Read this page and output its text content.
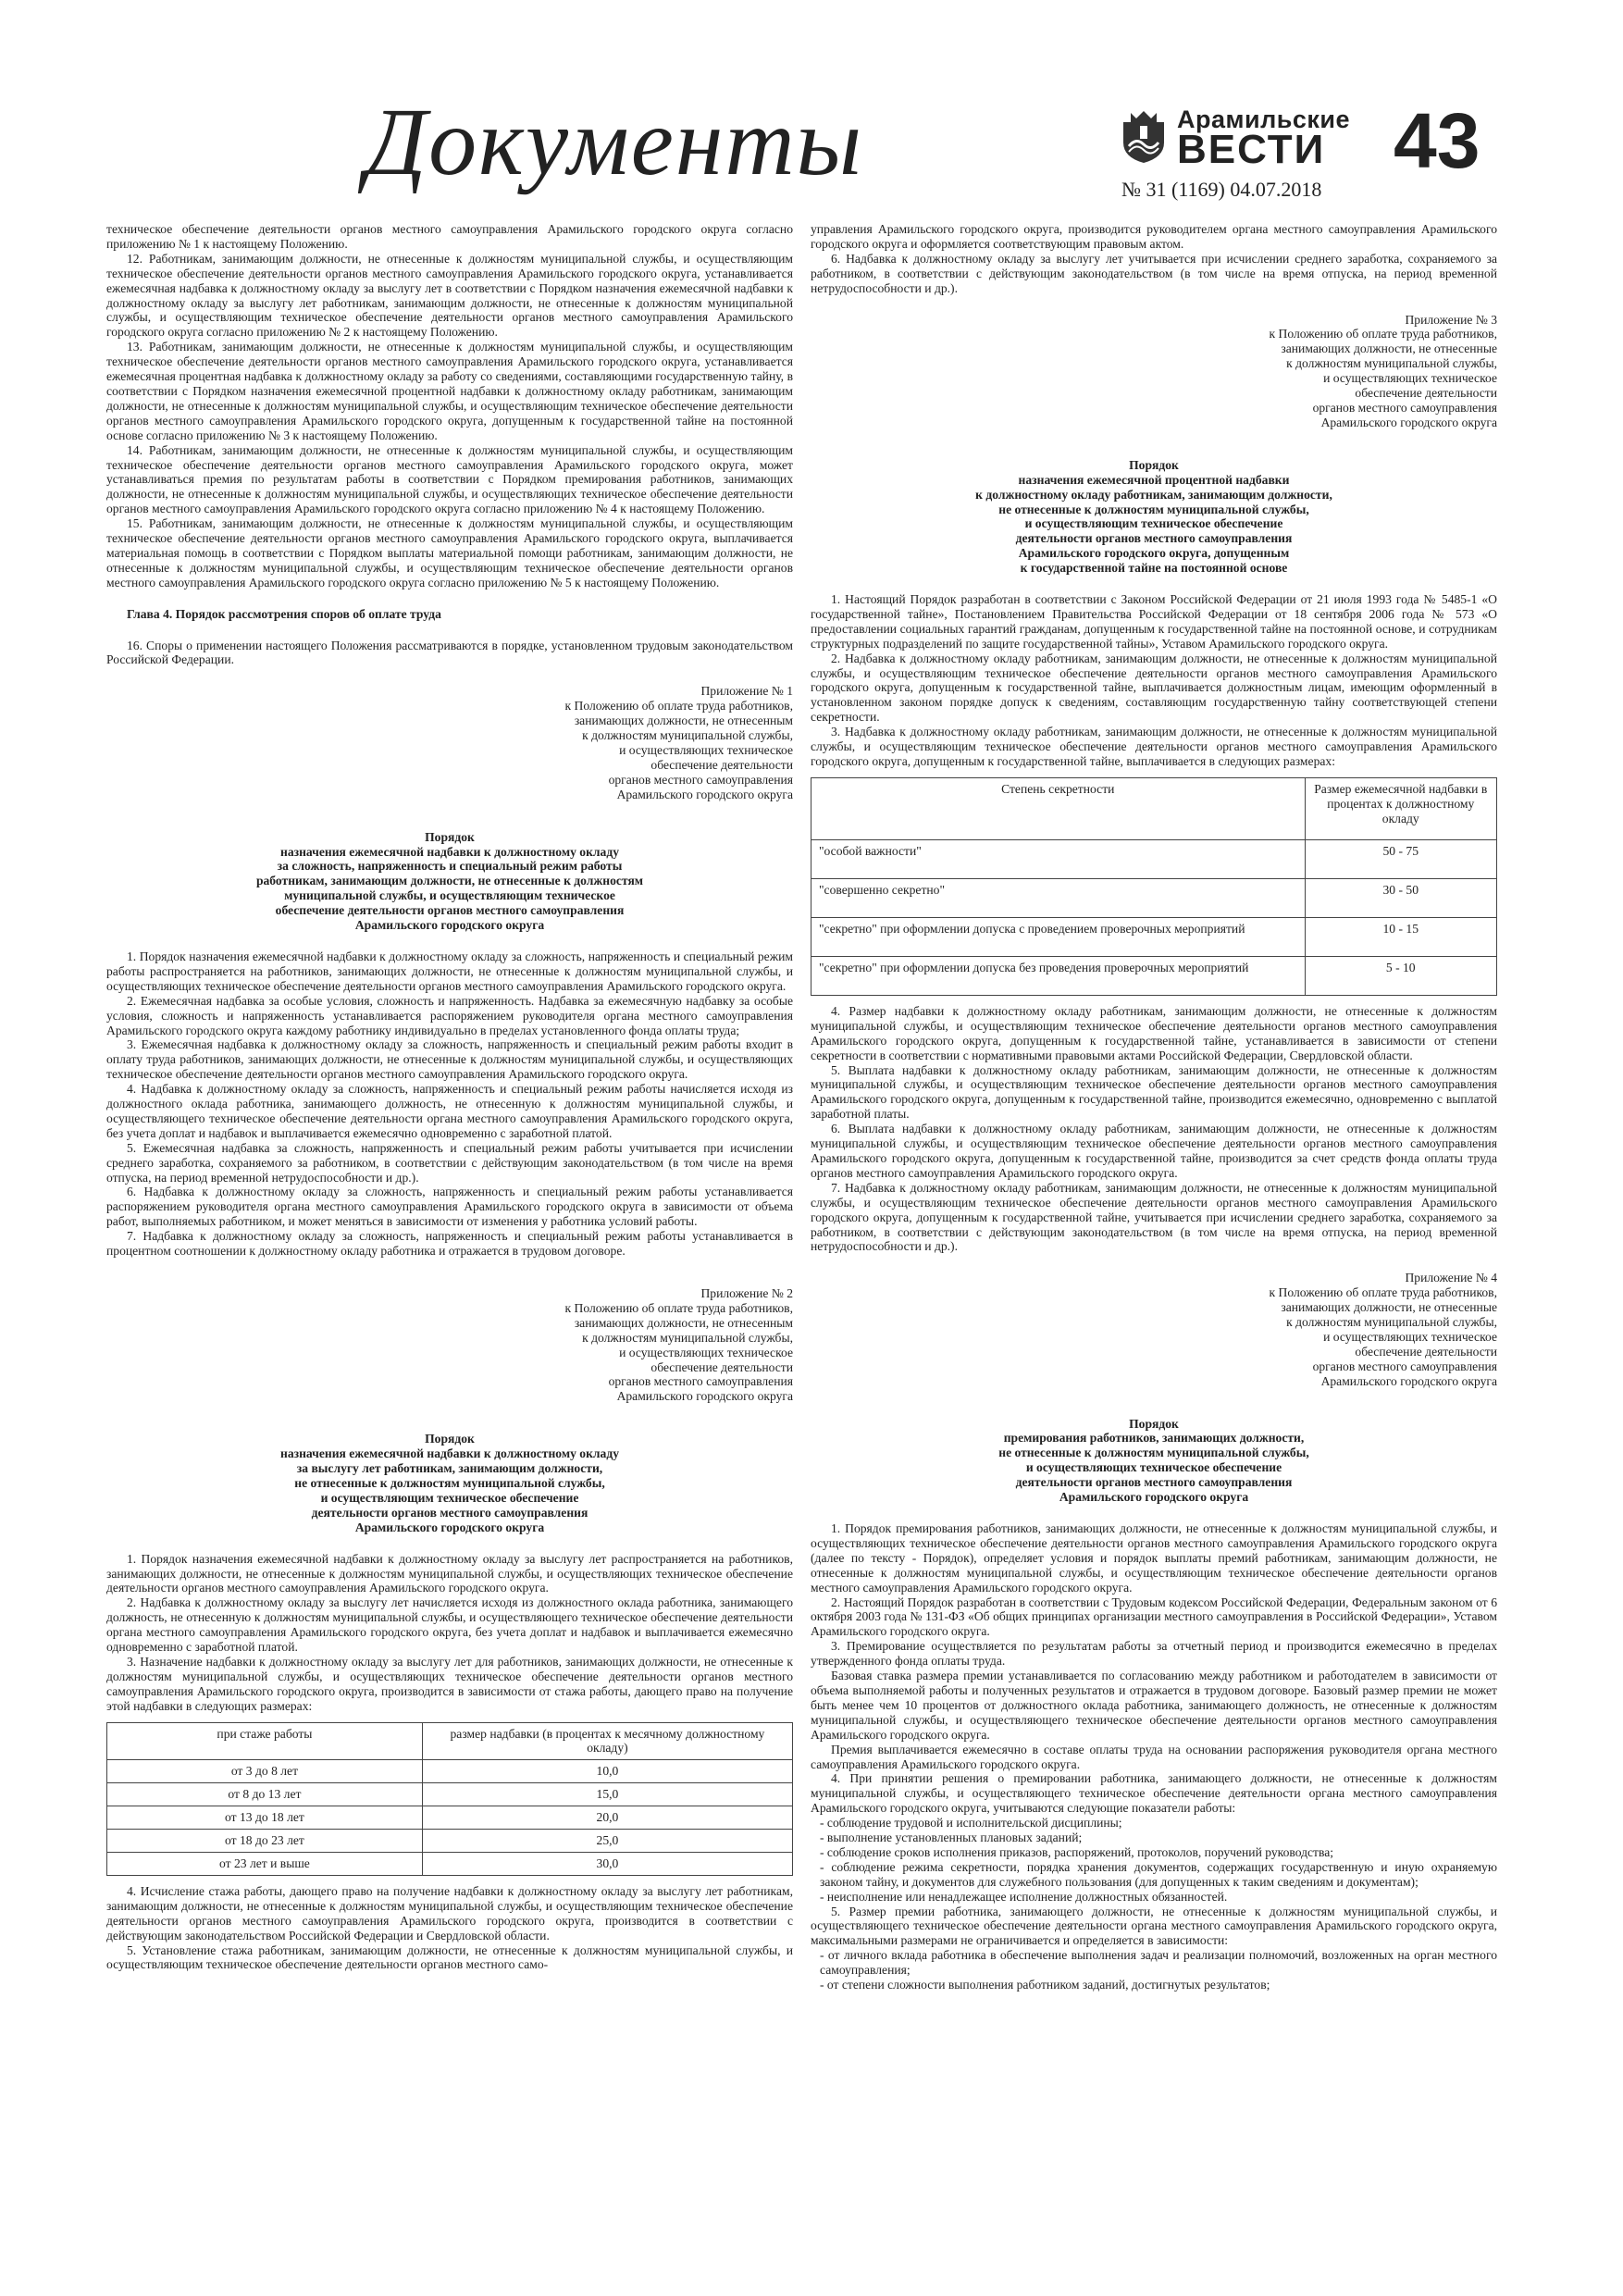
Документы	Арамильские
ВЕСТИ
№ 31 (1169) 04.07.2018
43

техническое обеспечение деятельности органов местного самоуправления Арамильского городского округа согласно приложению № 1 к настоящему Положению.

12. Работникам, занимающим должности, не отнесенные к должностям муниципальной службы, и осуществляющим техническое обеспечение деятельности органов местного самоуправления Арамильского городского округа, устанавливается ежемесячная надбавка к должностному окладу за выслугу лет в соответствии с Порядком назначения ежемесячной надбавки к должностному окладу за выслугу лет работникам, занимающим должности, не отнесенные к должностям муниципальной службы, и осуществляющим техническое обеспечение деятельности органов местного самоуправления Арамильского городского округа согласно приложению № 2 к настоящему Положению.

13. Работникам, занимающим должности, не отнесенные к должностям муниципальной службы, и осуществляющим техническое обеспечение деятельности органов местного самоуправления Арамильского городского округа, устанавливается ежемесячная процентная надбавка к должностному окладу за работу со сведениями, составляющими государственную тайну, в соответствии с Порядком назначения ежемесячной процентной надбавки к должностному окладу работникам, занимающим должности, не отнесенные к должностям муниципальной службы, и осуществляющим техническое обеспечение деятельности органов местного самоуправления Арамильского городского округа, допущенным к государственной тайне на постоянной основе согласно приложению № 3 к настоящему Положению.

14. Работникам, занимающим должности, не отнесенные к должностям муниципальной службы, и осуществляющим техническое обеспечение деятельности органов местного самоуправления Арамильского городского округа, может устанавливаться премия по результатам работы в соответствии с Порядком премирования работников, занимающих должности, не отнесенные к должностям муниципальной службы, и осуществляющих техническое обеспечение деятельности органов местного самоуправления Арамильского городского округа согласно приложению № 4 к настоящему Положению.

15. Работникам, занимающим должности, не отнесенные к должностям муниципальной службы, и осуществляющим техническое обеспечение деятельности органов местного самоуправления Арамильского городского округа, выплачивается материальная помощь в соответствии с Порядком выплаты материальной помощи работникам, занимающим должности, не отнесенные к должностям муниципальной службы, и осуществляющим техническое обеспечение деятельности органов местного самоуправления Арамильского городского округа согласно приложению № 5 к настоящему Положению.

Глава 4. Порядок рассмотрения споров об оплате труда

16. Споры о применении настоящего Положения рассматриваются в порядке, установленном трудовым законодательством Российской Федерации.

Приложение № 1
к Положению об оплате труда работников,
занимающих должности, не отнесенным
к должностям муниципальной службы,
и осуществляющих техническое
обеспечение деятельности
органов местного самоуправления
Арамильского городского округа
Порядок
назначения ежемесячной надбавки к должностному окладу
за сложность, напряженность и специальный режим работы
работникам, занимающим должности, не отнесенные к должностям
муниципальной службы, и осуществляющим техническое
обеспечение деятельности органов местного самоуправления
Арамильского городского округа

1. Порядок назначения ежемесячной надбавки к должностному окладу за сложность, напряженность и специальный режим работы распространяется на работников, занимающих должности, не отнесенные к должностям муниципальной службы, и осуществляющих техническое обеспечение деятельности органов местного самоуправления Арамильского городского округа.

2. Ежемесячная надбавка за особые условия, сложность и напряженность. Надбавка за ежемесячную надбавку за особые условия, сложность и напряженность устанавливается распоряжением руководителя органа местного самоуправления Арамильского городского округа каждому работнику индивидуально в пределах установленного фонда оплаты труда;

3. Ежемесячная надбавка к должностному окладу за сложность, напряженность и специальный режим работы входит в оплату труда работников, занимающих должности, не отнесенные к должностям муниципальной службы, и осуществляющих техническое обеспечение деятельности органов местного самоуправления Арамильского городского округа.

4. Надбавка к должностному окладу за сложность, напряженность и специальный режим работы начисляется исходя из должностного оклада работника, занимающего должность, не отнесенную к должностям муниципальной службы, и осуществляющего техническое обеспечение деятельности органа местного самоуправления Арамильского городского округа, без учета доплат и надбавок и выплачивается ежемесячно одновременно с заработной платой.

5. Ежемесячная надбавка за сложность, напряженность и специальный режим работы учитывается при исчислении среднего заработка, сохраняемого за работником, в соответствии с действующим законодательством (в том числе на время отпуска, на период временной нетрудоспособности и др.).

6. Надбавка к должностному окладу за сложность, напряженность и специальный режим работы устанавливается распоряжением руководителя органа местного самоуправления Арамильского городского округа в зависимости от объема работ, выполняемых работником, и может меняться в зависимости от изменения у работника условий работы.

7. Надбавка к должностному окладу за сложность, напряженность и специальный режим работы устанавливается в процентном соотношении к должностному окладу работника и отражается в трудовом договоре.

Приложение № 2
к Положению об оплате труда работников,
занимающих должности, не отнесенным
к должностям муниципальной службы,
и осуществляющих техническое
обеспечение деятельности
органов местного самоуправления
Арамильского городского округа
Порядок
назначения ежемесячной надбавки к должностному окладу
за выслугу лет работникам, занимающим должности,
не отнесенные к должностям муниципальной службы,
и осуществляющим техническое обеспечение
деятельности органов местного самоуправления
Арамильского городского округа

1. Порядок назначения ежемесячной надбавки к должностному окладу за выслугу лет распространяется на работников, занимающих должности, не отнесенные к должностям муниципальной службы, и осуществляющих техническое обеспечение деятельности органов местного самоуправления Арамильского городского округа.

2. Надбавка к должностному окладу за выслугу лет начисляется исходя из должностного оклада работника, занимающего должность, не отнесенную к должностям муниципальной службы, и осуществляющего техническое обеспечение деятельности органа местного самоуправления Арамильского городского округа, без учета доплат и надбавок и выплачивается ежемесячно одновременно с заработной платой.

3. Назначение надбавки к должностному окладу за выслугу лет для работников, занимающих должности, не отнесенные к должностям муниципальной службы, и осуществляющих техническое обеспечение деятельности органов местного самоуправления Арамильского городского округа, производится в зависимости от стажа работы, дающего право на получение этой надбавки в следующих размерах:

при стаже работы	размер надбавки (в процентах к месячному должностному окладу)
от 3 до 8 лет	10,0
от 8 до 13 лет	15,0
от 13 до 18 лет	20,0
от 18 до 23 лет	25,0
от 23 лет и выше	30,0

4. Исчисление стажа работы, дающего право на получение надбавки к должностному окладу за выслугу лет работникам, занимающим должности, не отнесенные к должностям муниципальной службы, и осуществляющим техническое обеспечение деятельности органов местного самоуправления Арамильского городского округа, производится в соответствии с действующим законодательством Российской Федерации и Свердловской области.

5. Установление стажа работникам, занимающим должности, не отнесенные к должностям муниципальной службы, и осуществляющим техническое обеспечение деятельности органов местного само-

управления Арамильского городского округа, производится руководителем органа местного самоуправления Арамильского городского округа и оформляется соответствующим правовым актом.

6. Надбавка к должностному окладу за выслугу лет учитывается при исчислении среднего заработка, сохраняемого за работником, в соответствии с действующим законодательством (в том числе на время отпуска, на период временной нетрудоспособности и др.).

Приложение № 3
к Положению об оплате труда работников,
занимающих должности, не отнесенные
к должностям муниципальной службы,
и осуществляющих техническое
обеспечение деятельности
органов местного самоуправления
Арамильского городского округа
Порядок
назначения ежемесячной процентной надбавки
к должностному окладу работникам, занимающим должности,
не отнесенные к должностям муниципальной службы,
и осуществляющим техническое обеспечение
деятельности органов местного самоуправления
Арамильского городского округа, допущенным
к государственной тайне на постоянной основе

1. Настоящий Порядок разработан в соответствии с Законом Российской Федерации от 21 июля 1993 года № 5485-1 «О государственной тайне», Постановлением Правительства Российской Федерации от 18 сентября 2006 года № 573 «О предоставлении социальных гарантий гражданам, допущенным к государственной тайне на постоянной основе, и сотрудникам структурных подразделений по защите государственной тайны», Уставом Арамильского городского округа.

2. Надбавка к должностному окладу работникам, занимающим должности, не отнесенные к должностям муниципальной службы, и осуществляющим техническое обеспечение деятельности органов местного самоуправления Арамильского городского округа, допущенным к государственной тайне, выплачивается должностным лицам, имеющим оформленный в установленном законом порядке допуск к сведениям, составляющим государственную тайну соответствующей степени секретности.

3. Надбавка к должностному окладу работникам, занимающим должности, не отнесенные к должностям муниципальной службы, и осуществляющим техническое обеспечение деятельности органов местного самоуправления Арамильского городского округа, допущенным к государственной тайне, выплачивается в следующих размерах:

Степень секретности	Размер ежемесячной надбавки в процентах к должностному окладу
"особой важности"	50 - 75
"совершенно секретно"	30 - 50
"секретно" при оформлении допуска с проведением проверочных мероприятий	10 - 15
"секретно" при оформлении допуска без проведения проверочных мероприятий	5 - 10

4. Размер надбавки к должностному окладу работникам, занимающим должности, не отнесенные к должностям муниципальной службы, и осуществляющим техническое обеспечение деятельности органов местного самоуправления Арамильского городского округа, допущенным к государственной тайне, устанавливается в зависимости от степени секретности в соответствии с нормативными правовыми актами Российской Федерации, Свердловской области.

5. Выплата надбавки к должностному окладу работникам, занимающим должности, не отнесенные к должностям муниципальной службы, и осуществляющим техническое обеспечение деятельности органов местного самоуправления Арамильского городского округа, допущенным к государственной тайне, производится ежемесячно, одновременно с выплатой заработной платы.

6. Выплата надбавки к должностному окладу работникам, занимающим должности, не отнесенные к должностям муниципальной службы, и осуществляющим техническое обеспечение деятельности органов местного самоуправления Арамильского городского округа, допущенным к государственной тайне, производится за счет средств фонда оплаты труда органов местного самоуправления Арамильского городского округа.

7. Надбавка к должностному окладу работникам, занимающим должности, не отнесенные к должностям муниципальной службы, и осуществляющим техническое обеспечение деятельности органов местного самоуправления Арамильского городского округа, допущенным к государственной тайне, учитывается при исчислении среднего заработка, сохраняемого за работником, в соответствии с действующим законодательством (в том числе на время отпуска, на период временной нетрудоспособности и др.).

Приложение № 4
к Положению об оплате труда работников,
занимающих должности, не отнесенные
к должностям муниципальной службы,
и осуществляющих техническое
обеспечение деятельности
органов местного самоуправления
Арамильского городского округа
Порядок
премирования работников, занимающих должности,
не отнесенные к должностям муниципальной службы,
и осуществляющих техническое обеспечение
деятельности органов местного самоуправления
Арамильского городского округа

1. Порядок премирования работников, занимающих должности, не отнесенные к должностям муниципальной службы, и осуществляющих техническое обеспечение деятельности органов местного самоуправления Арамильского городского округа (далее по тексту - Порядок), определяет условия и порядок выплаты премий работникам, занимающим должности, не отнесенные к должностям муниципальной службы, и осуществляющим техническое обеспечение деятельности органов местного самоуправления Арамильского городского округа.

2. Настоящий Порядок разработан в соответствии с Трудовым кодексом Российской Федерации, Федеральным законом от 6 октября 2003 года № 131-ФЗ «Об общих принципах организации местного самоуправления в Российской Федерации», Уставом Арамильского городского округа.

3. Премирование осуществляется по результатам работы за отчетный период и производится ежемесячно в пределах утвержденного фонда оплаты труда.

Базовая ставка размера премии устанавливается по согласованию между работником и работодателем в зависимости от объема выполняемой работы и полученных результатов и отражается в трудовом договоре. Базовый размер премии не может быть менее чем 10 процентов от должностного оклада работника, занимающего должность, не отнесенные к должностям муниципальной службы, и осуществляющего техническое обеспечение деятельности органов местного самоуправления Арамильского городского округа.

Премия выплачивается ежемесячно в составе оплаты труда на основании распоряжения руководителя органа местного самоуправления Арамильского городского округа.

4. При принятии решения о премировании работника, занимающего должности, не отнесенные к должностям муниципальной службы, и осуществляющего техническое обеспечение деятельности органа местного самоуправления Арамильского городского округа, учитываются следующие показатели работы:

- соблюдение трудовой и исполнительской дисциплины;

- выполнение установленных плановых заданий;

- соблюдение сроков исполнения приказов, распоряжений, протоколов, поручений руководства;

- соблюдение режима секретности, порядка хранения документов, содержащих государственную и иную охраняемую законом тайну, и документов для служебного пользования (для допущенных к таким сведениям и документам);

- неисполнение или ненадлежащее исполнение должностных обязанностей.

5. Размер премии работника, занимающего должности, не отнесенные к должностям муниципальной службы, и осуществляющего техническое обеспечение деятельности органа местного самоуправления Арамильского городского округа, максимальными размерами не ограничивается и определяется в зависимости:

- от личного вклада работника в обеспечение выполнения задач и реализации полномочий, возложенных на орган местного самоуправления;

- от степени сложности выполнения работником заданий, достигнутых результатов;
